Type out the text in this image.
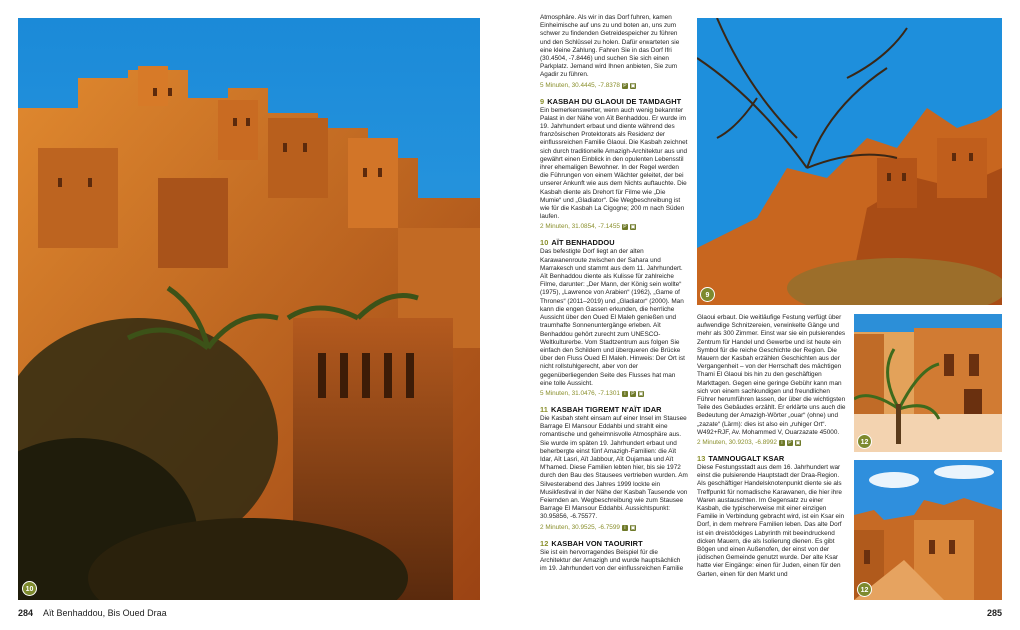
10
284 Aït Benhaddou, Bis Oued Draa

Atmosphäre. Als wir in das Dorf fuhren, kamen Einheimische auf uns zu und boten an, uns zum schwer zu findenden Getreidespeicher zu führen und den Schlüssel zu holen. Dafür erwarteten sie eine kleine Zahlung. Fahren Sie in das Dorf Ifri (30.4504, -7.8446) und suchen Sie sich einen Parkplatz. Jemand wird Ihnen anbieten, Sie zum Agadir zu führen.

5 Minuten, 30.4445, -7.8378 P ▣
9 KASBAH DU GLAOUI DE TAMDAGHT

Ein bemerkenswerter, wenn auch wenig bekannter Palast in der Nähe von Aït Benhaddou. Er wurde im 19. Jahrhundert erbaut und diente während des französischen Protektorats als Residenz der einflussreichen Familie Glaoui. Die Kasbah zeichnet sich durch traditionelle Amazigh-Architektur aus und gewährt einen Einblick in den opulenten Lebensstil ihrer ehemaligen Bewohner. In der Regel werden die Führungen von einem Wächter geleitet, der bei unserer Ankunft wie aus dem Nichts auftauchte. Die Kasbah diente als Drehort für Filme wie „Die Mumie“ und „Gladiator“. Die Wegbeschreibung ist wie für die Kasbah La Cigogne; 200 m nach Süden laufen.

2 Minuten, 31.0854, -7.1455 P ▣
10 AÏT BENHADDOU

Das befestigte Dorf liegt an der alten Karawanenroute zwischen der Sahara und Marrakesch und stammt aus dem 11. Jahrhundert. Aït Benhaddou diente als Kulisse für zahlreiche Filme, darunter: „Der Mann, der König sein wollte“ (1975), „Lawrence von Arabien“ (1962), „Game of Thrones“ (2011–2019) und „Gladiator“ (2000). Man kann die engen Gassen erkunden, die herrliche Aussicht über den Oued El Maleh genießen und traumhafte Sonnenuntergänge erleben. Aït Benhaddou gehört zurecht zum UNESCO-Weltkulturerbe. Vom Stadtzentrum aus folgen Sie einfach den Schildern und überqueren die Brücke über den Fluss Oued El Maleh. Hinweis: Der Ort ist nicht rollstuhlgerecht, aber von der gegenüberliegenden Seite des Flusses hat man eine tolle Aussicht.

5 Minuten, 31.0476, -7.1301 i	P ▣
11 KASBAH TIGREMT N'AÏT IDAR

Die Kasbah steht einsam auf einer Insel im Stausee Barrage El Mansour Eddahbi und strahlt eine romantische und geheimnisvolle Atmosphäre aus. Sie wurde im späten 19. Jahrhundert erbaut und beherbergte einst fünf Amazigh-Familien: die Aït Idar, Aït Lasri, Aït Jabbour, Aït Oujamaa und Aït M'hamed. Diese Familien lebten hier, bis sie 1972 durch den Bau des Stausees vertrieben wurden. Am Silvesterabend des Jahres 1999 lockte ein Musikfestival in der Nähe der Kasbah Tausende von Feiernden an. Wegbeschreibung wie zum Stausee Barrage El Mansour Eddahbi. Aussichtspunkt: 30.95856, -6.75577.

2 Minuten, 30.9525, -6.7599 i	▣
12 KASBAH VON TAOURIRT

Sie ist ein hervorragendes Beispiel für die Architektur der Amazigh und wurde hauptsächlich im 19. Jahrhundert von der einflussreichen Familie

9

Glaoui erbaut. Die weitläufige Festung verfügt über aufwendige Schnitzereien, verwinkelte Gänge und mehr als 300 Zimmer. Einst war sie ein pulsierendes Zentrum für Handel und Gewerbe und ist heute ein Symbol für die reiche Geschichte der Region. Die Mauern der Kasbah erzählen Geschichten aus der Vergangenheit – von der Herrschaft des mächtigen Thami El Glaoui bis hin zu den geschäftigen Markttagen. Gegen eine geringe Gebühr kann man sich von einem sachkundigen und freundlichen Führer herumführen lassen, der über die wichtigsten Teile des Gebäudes erzählt. Er erklärte uns auch die Bedeutung der Amazigh-Wörter „ouar“ (ohne) und „zazate“ (Lärm): dies ist also ein „ruhiger Ort“. W492+RJF, Av. Mohammed V, Ouarzazate 45000.

2 Minuten, 30.9203, -6.8992 i	P ▣
13 TAMNOUGALT KSAR

Diese Festungsstadt aus dem 16. Jahrhundert war einst die pulsierende Hauptstadt der Draa-Region. Als geschäftiger Handelsknotenpunkt diente sie als Treffpunkt für nomadische Karawanen, die hier ihre Waren austauschten. Im Gegensatz zu einer Kasbah, die typischerweise mit einer einzigen Familie in Verbindung gebracht wird, ist ein Ksar ein Dorf, in dem mehrere Familien leben. Das alte Dorf ist ein dreistöckiges Labyrinth mit beeindruckend dicken Mauern, die als Isolierung dienen. Es gibt Bögen und einen Außenofen, der einst von der jüdischen Gemeinde genutzt wurde. Der alte Ksar hatte vier Eingänge: einen für Juden, einen für den Garten, einen für den Markt und

12
12
285
